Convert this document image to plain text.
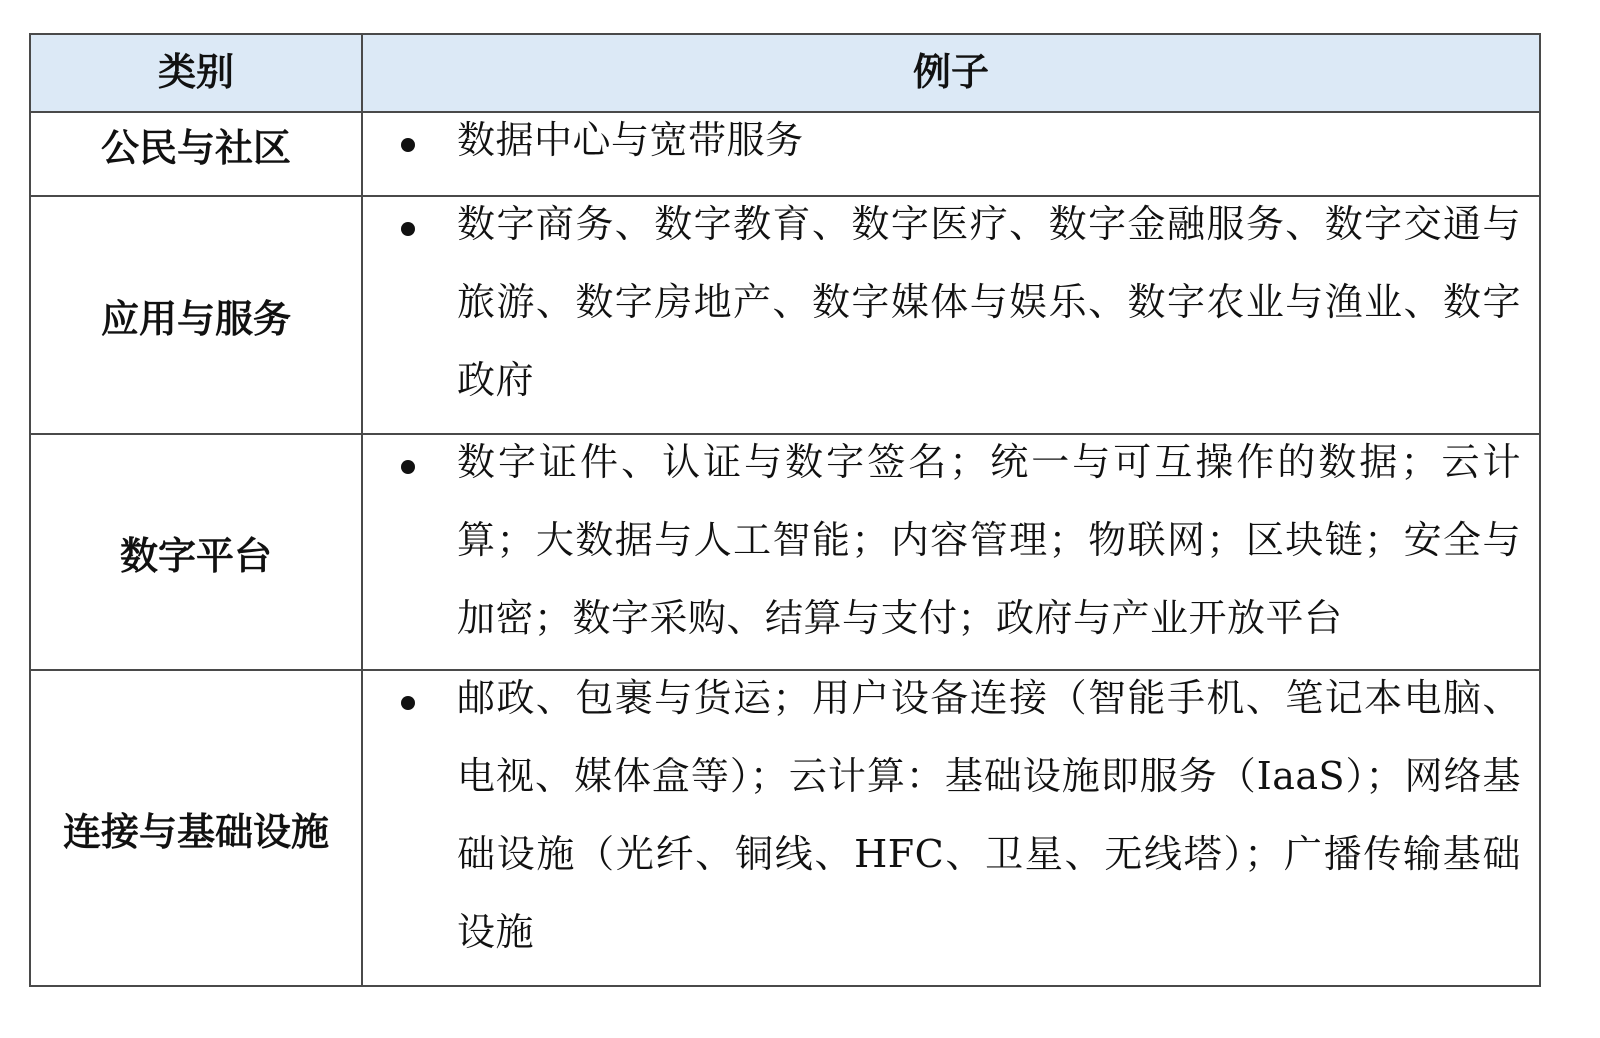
类别	例子
公民与社区	数据中心与宽带服务

应用与服务	数字商务、数字教育、数字医疗、数字金融服务、数字交通与旅游、数字房地产、数字媒体与娱乐、数字农业与渔业、数字政府

数字平台	数字证件、认证与数字签名；统一与可互操作的数据；云计算；大数据与人工智能；内容管理；物联网；区块链；安全与加密；数字采购、结算与支付；政府与产业开放平台

连接与基础设施	邮政、包裹与货运；用户设备连接（智能手机、笔记本电脑、电视、媒体盒等）；云计算：基础设施即服务（IaaS）；网络基础设施（光纤、铜线、HFC、卫星、无线塔）；广播传输基础设施
